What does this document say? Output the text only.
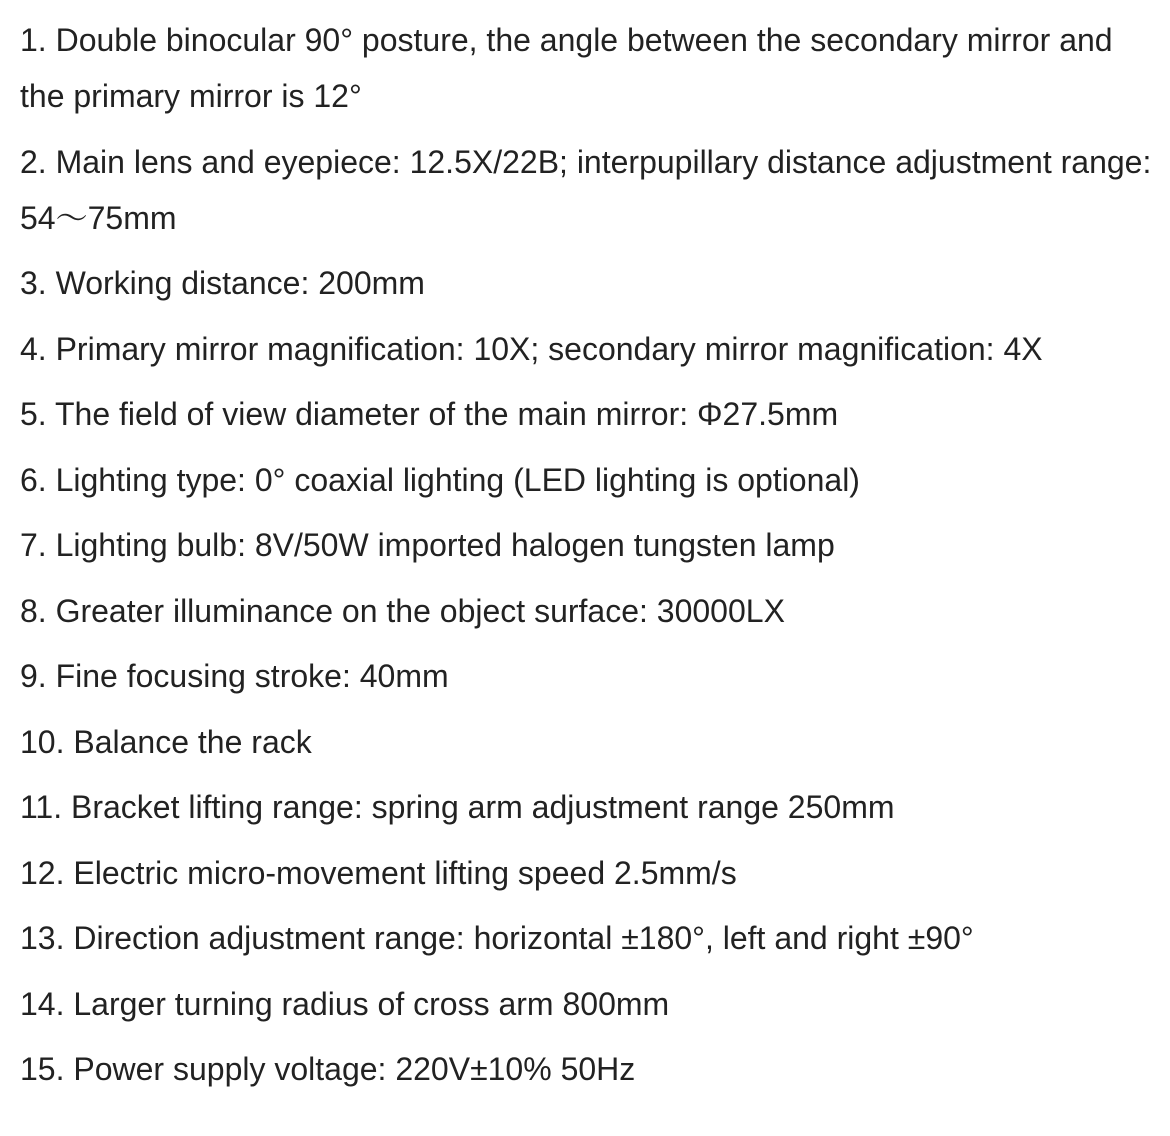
1. Double binocular 90° posture, the angle between the secondary mirror and the primary mirror is 12°
2. Main lens and eyepiece: 12.5X/22B; interpupillary distance adjustment range: 54～75mm
3. Working distance: 200mm
4. Primary mirror magnification: 10X; secondary mirror magnification: 4X
5. The field of view diameter of the main mirror: Φ27.5mm
6. Lighting type: 0° coaxial lighting (LED lighting is optional)
7. Lighting bulb: 8V/50W imported halogen tungsten lamp
8. Greater illuminance on the object surface: 30000LX
9. Fine focusing stroke: 40mm
10. Balance the rack
11. Bracket lifting range: spring arm adjustment range 250mm
12. Electric micro-movement lifting speed 2.5mm/s
13. Direction adjustment range: horizontal ±180°, left and right ±90°
14. Larger turning radius of cross arm 800mm
15. Power supply voltage: 220V±10% 50Hz
